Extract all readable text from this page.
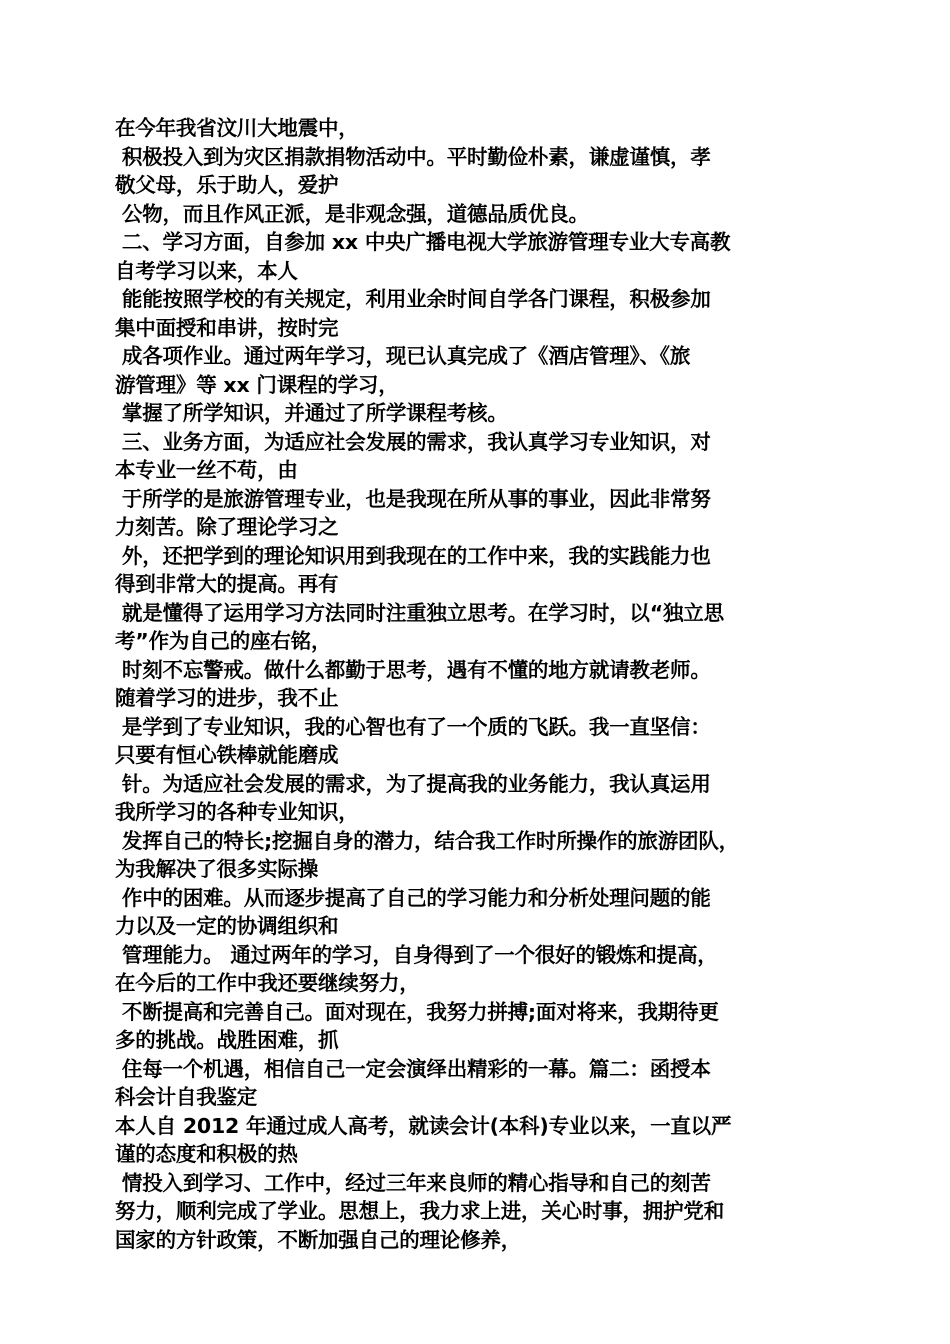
在今年我省汶川大地震中，
积极投入到为灾区捐款捐物活动中。平时勤俭朴素，谦虚谨慎，孝
敬父母，乐于助人，爱护
公物，而且作风正派，是非观念强，道德品质优良。
二、学习方面，自参加 xx 中央广播电视大学旅游管理专业大专高教
自考学习以来，本人
能能按照学校的有关规定，利用业余时间自学各门课程，积极参加
集中面授和串讲，按时完
成各项作业。通过两年学习，现已认真完成了《酒店管理》、《旅
游管理》等 xx 门课程的学习，
掌握了所学知识，并通过了所学课程考核。
三、业务方面，为适应社会发展的需求，我认真学习专业知识，对
本专业一丝不苟，由
于所学的是旅游管理专业，也是我现在所从事的事业，因此非常努
力刻苦。除了理论学习之
外，还把学到的理论知识用到我现在的工作中来，我的实践能力也
得到非常大的提高。再有
就是懂得了运用学习方法同时注重独立思考。在学习时，以“独立思
考”作为自己的座右铭，
时刻不忘警戒。做什么都勤于思考，遇有不懂的地方就请教老师。
随着学习的进步，我不止
是学到了专业知识，我的心智也有了一个质的飞跃。我一直坚信：
只要有恒心铁棒就能磨成
针。为适应社会发展的需求，为了提高我的业务能力，我认真运用
我所学习的各种专业知识，
发挥自己的特长;挖掘自身的潜力，结合我工作时所操作的旅游团队，
为我解决了很多实际操
作中的困难。从而逐步提高了自己的学习能力和分析处理问题的能
力以及一定的协调组织和
管理能力。 通过两年的学习，自身得到了一个很好的锻炼和提高，
在今后的工作中我还要继续努力，
不断提高和完善自己。面对现在，我努力拼搏;面对将来，我期待更
多的挑战。战胜困难，抓
住每一个机遇，相信自己一定会演绎出精彩的一幕。篇二：函授本
科会计自我鉴定
本人自 2012 年通过成人高考，就读会计(本科)专业以来，一直以严
谨的态度和积极的热
情投入到学习、工作中，经过三年来良师的精心指导和自己的刻苦
努力，顺利完成了学业。思想上，我力求上进，关心时事，拥护党和
国家的方针政策，不断加强自己的理论修养，
